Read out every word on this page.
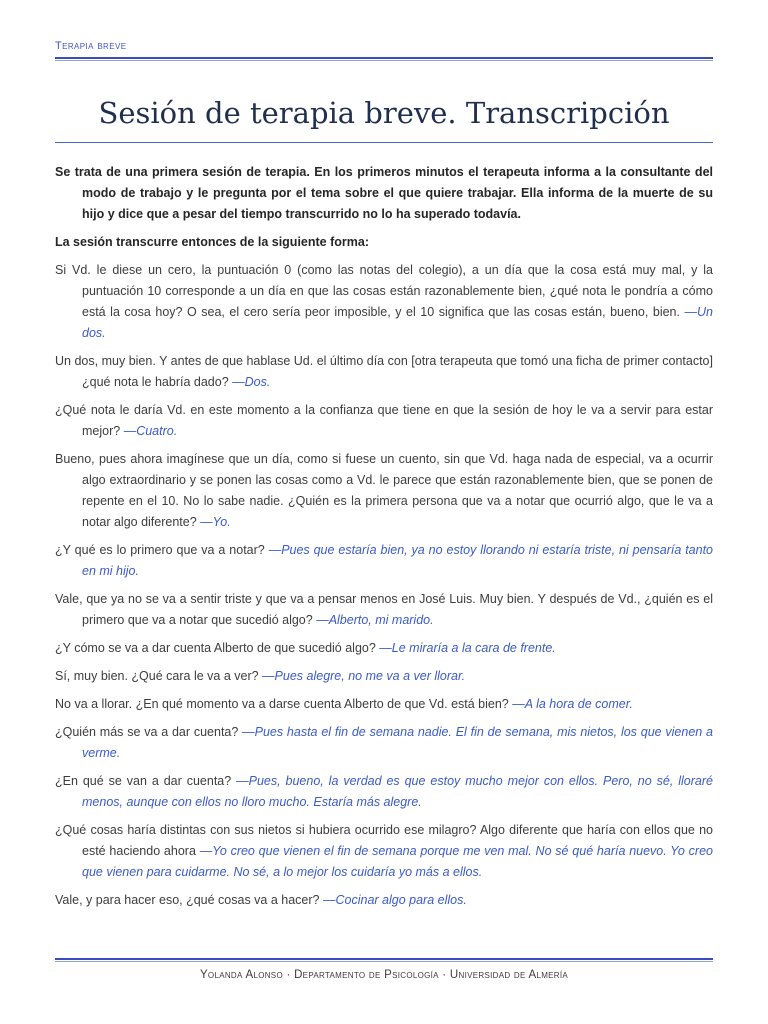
Terapia breve
Sesión de terapia breve. Transcripción

Se trata de una primera sesión de terapia. En los primeros minutos el terapeuta informa a la consultante del modo de trabajo y le pregunta por el tema sobre el que quiere trabajar. Ella informa de la muerte de su hijo y dice que a pesar del tiempo transcurrido no lo ha superado todavía.

La sesión transcurre entonces de la siguiente forma:

Si Vd. le diese un cero, la puntuación 0 (como las notas del colegio), a un día que la cosa está muy mal, y la puntuación 10 corresponde a un día en que las cosas están razonablemente bien, ¿qué nota le pondría a cómo está la cosa hoy? O sea, el cero sería peor imposible, y el 10 significa que las cosas están, bueno, bien. —Un dos.

Un dos, muy bien. Y antes de que hablase Ud. el último día con [otra terapeuta que tomó una ficha de primer contacto] ¿qué nota le habría dado? —Dos.

¿Qué nota le daría Vd. en este momento a la confianza que tiene en que la sesión de hoy le va a servir para estar mejor? —Cuatro.

Bueno, pues ahora imagínese que un día, como si fuese un cuento, sin que Vd. haga nada de especial, va a ocurrir algo extraordinario y se ponen las cosas como a Vd. le parece que están razonablemente bien, que se ponen de repente en el 10. No lo sabe nadie. ¿Quién es la primera persona que va a notar que ocurrió algo, que le va a notar algo diferente? —Yo.

¿Y qué es lo primero que va a notar? —Pues que estaría bien, ya no estoy llorando ni estaría triste, ni pensaría tanto en mi hijo.

Vale, que ya no se va a sentir triste y que va a pensar menos en José Luis. Muy bien. Y después de Vd., ¿quién es el primero que va a notar que sucedió algo? —Alberto, mi marido.

¿Y cómo se va a dar cuenta Alberto de que sucedió algo? —Le miraría a la cara de frente.

Sí, muy bien. ¿Qué cara le va a ver? —Pues alegre, no me va a ver llorar.

No va a llorar. ¿En qué momento va a darse cuenta Alberto de que Vd. está bien? —A la hora de comer.

¿Quién más se va a dar cuenta? —Pues hasta el fin de semana nadie. El fin de semana, mis nietos, los que vienen a verme.

¿En qué se van a dar cuenta? —Pues, bueno, la verdad es que estoy mucho mejor con ellos. Pero, no sé, lloraré menos, aunque con ellos no lloro mucho. Estaría más alegre.

¿Qué cosas haría distintas con sus nietos si hubiera ocurrido ese milagro? Algo diferente que haría con ellos que no esté haciendo ahora —Yo creo que vienen el fin de semana porque me ven mal. No sé qué haría nuevo. Yo creo que vienen para cuidarme. No sé, a lo mejor los cuidaría yo más a ellos.

Vale, y para hacer eso, ¿qué cosas va a hacer? —Cocinar algo para ellos.

Yolanda Alonso · Departamento de Psicología · Universidad de Almería
